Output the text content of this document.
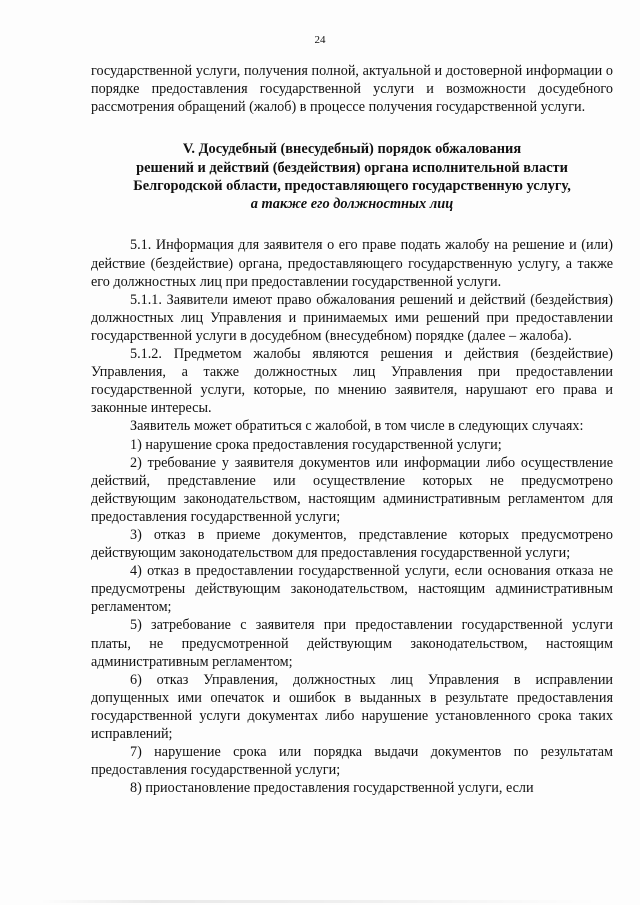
24

государственной услуги, получения полной, актуальной и достоверной информации о порядке предоставления государственной услуги и возможности досудебного рассмотрения обращений (жалоб) в процессе получения государственной услуги.

V. Досудебный (внесудебный) порядок обжалования
решений и действий (бездействия) органа исполнительной власти
Белгородской области, предоставляющего государственную услугу,
а также его должностных лиц

5.1. Информация для заявителя о его праве подать жалобу на решение и (или) действие (бездействие) органа, предоставляющего государственную услугу, а также его должностных лиц при предоставлении государственной услуги.

5.1.1. Заявители имеют право обжалования решений и действий (бездействия) должностных лиц Управления и принимаемых ими решений при предоставлении государственной услуги в досудебном (внесудебном) порядке (далее – жалоба).

5.1.2. Предметом жалобы являются решения и действия (бездействие) Управления, а также должностных лиц Управления при предоставлении государственной услуги, которые, по мнению заявителя, нарушают его права и законные интересы.

Заявитель может обратиться с жалобой, в том числе в следующих случаях:

1) нарушение срока предоставления государственной услуги;

2) требование у заявителя документов или информации либо осуществление действий, представление или осуществление которых не предусмотрено действующим законодательством, настоящим административным регламентом для предоставления государственной услуги;

3) отказ в приеме документов, представление которых предусмотрено действующим законодательством для предоставления государственной услуги;

4) отказ в предоставлении государственной услуги, если основания отказа не предусмотрены действующим законодательством, настоящим административным регламентом;

5) затребование с заявителя при предоставлении государственной услуги платы, не предусмотренной действующим законодательством, настоящим административным регламентом;

6) отказ Управления, должностных лиц Управления в исправлении допущенных ими опечаток и ошибок в выданных в результате предоставления государственной услуги документах либо нарушение установленного срока таких исправлений;

7) нарушение срока или порядка выдачи документов по результатам предоставления государственной услуги;

8) приостановление предоставления государственной услуги, если
